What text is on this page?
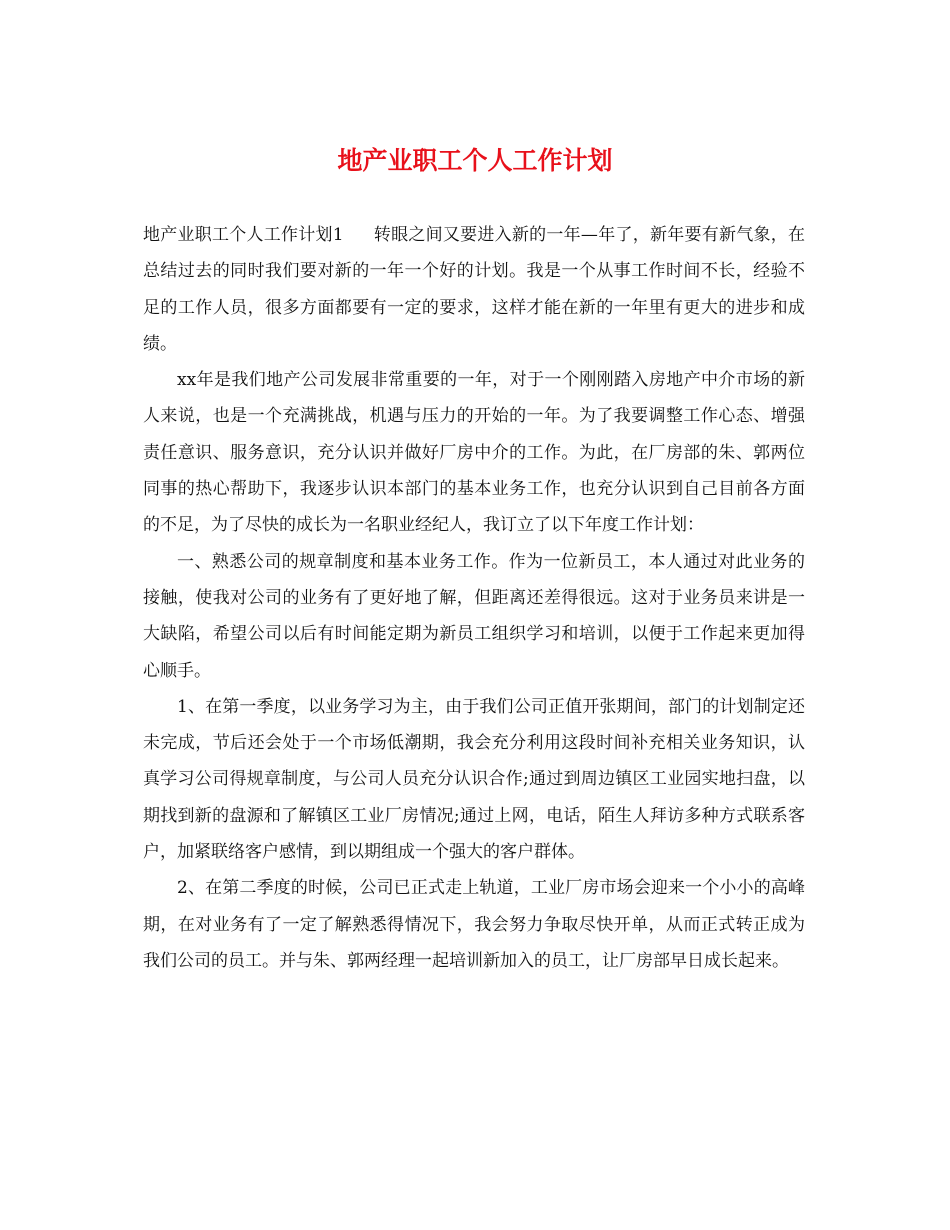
地产业职工个人工作计划

地产业职工个人工作计划1 转眼之间又要进入新的一年—年了，新年要有新气象，在总结过去的同时我们要对新的一年一个好的计划。我是一个从事工作时间不长，经验不足的工作人员，很多方面都要有一定的要求，这样才能在新的一年里有更大的进步和成绩。

xx年是我们地产公司发展非常重要的一年，对于一个刚刚踏入房地产中介市场的新人来说，也是一个充满挑战，机遇与压力的开始的一年。为了我要调整工作心态、增强责任意识、服务意识，充分认识并做好厂房中介的工作。为此，在厂房部的朱、郭两位同事的热心帮助下，我逐步认识本部门的基本业务工作，也充分认识到自己目前各方面的不足，为了尽快的成长为一名职业经纪人，我订立了以下年度工作计划：

一、熟悉公司的规章制度和基本业务工作。作为一位新员工，本人通过对此业务的接触，使我对公司的业务有了更好地了解，但距离还差得很远。这对于业务员来讲是一大缺陷，希望公司以后有时间能定期为新员工组织学习和培训，以便于工作起来更加得心顺手。

1、在第一季度，以业务学习为主，由于我们公司正值开张期间，部门的计划制定还未完成，节后还会处于一个市场低潮期，我会充分利用这段时间补充相关业务知识，认真学习公司得规章制度，与公司人员充分认识合作;通过到周边镇区工业园实地扫盘，以期找到新的盘源和了解镇区工业厂房情况;通过上网，电话，陌生人拜访多种方式联系客户，加紧联络客户感情，到以期组成一个强大的客户群体。

2、在第二季度的时候，公司已正式走上轨道，工业厂房市场会迎来一个小小的高峰期，在对业务有了一定了解熟悉得情况下，我会努力争取尽快开单，从而正式转正成为我们公司的员工。并与朱、郭两经理一起培训新加入的员工，让厂房部早日成长起来。
